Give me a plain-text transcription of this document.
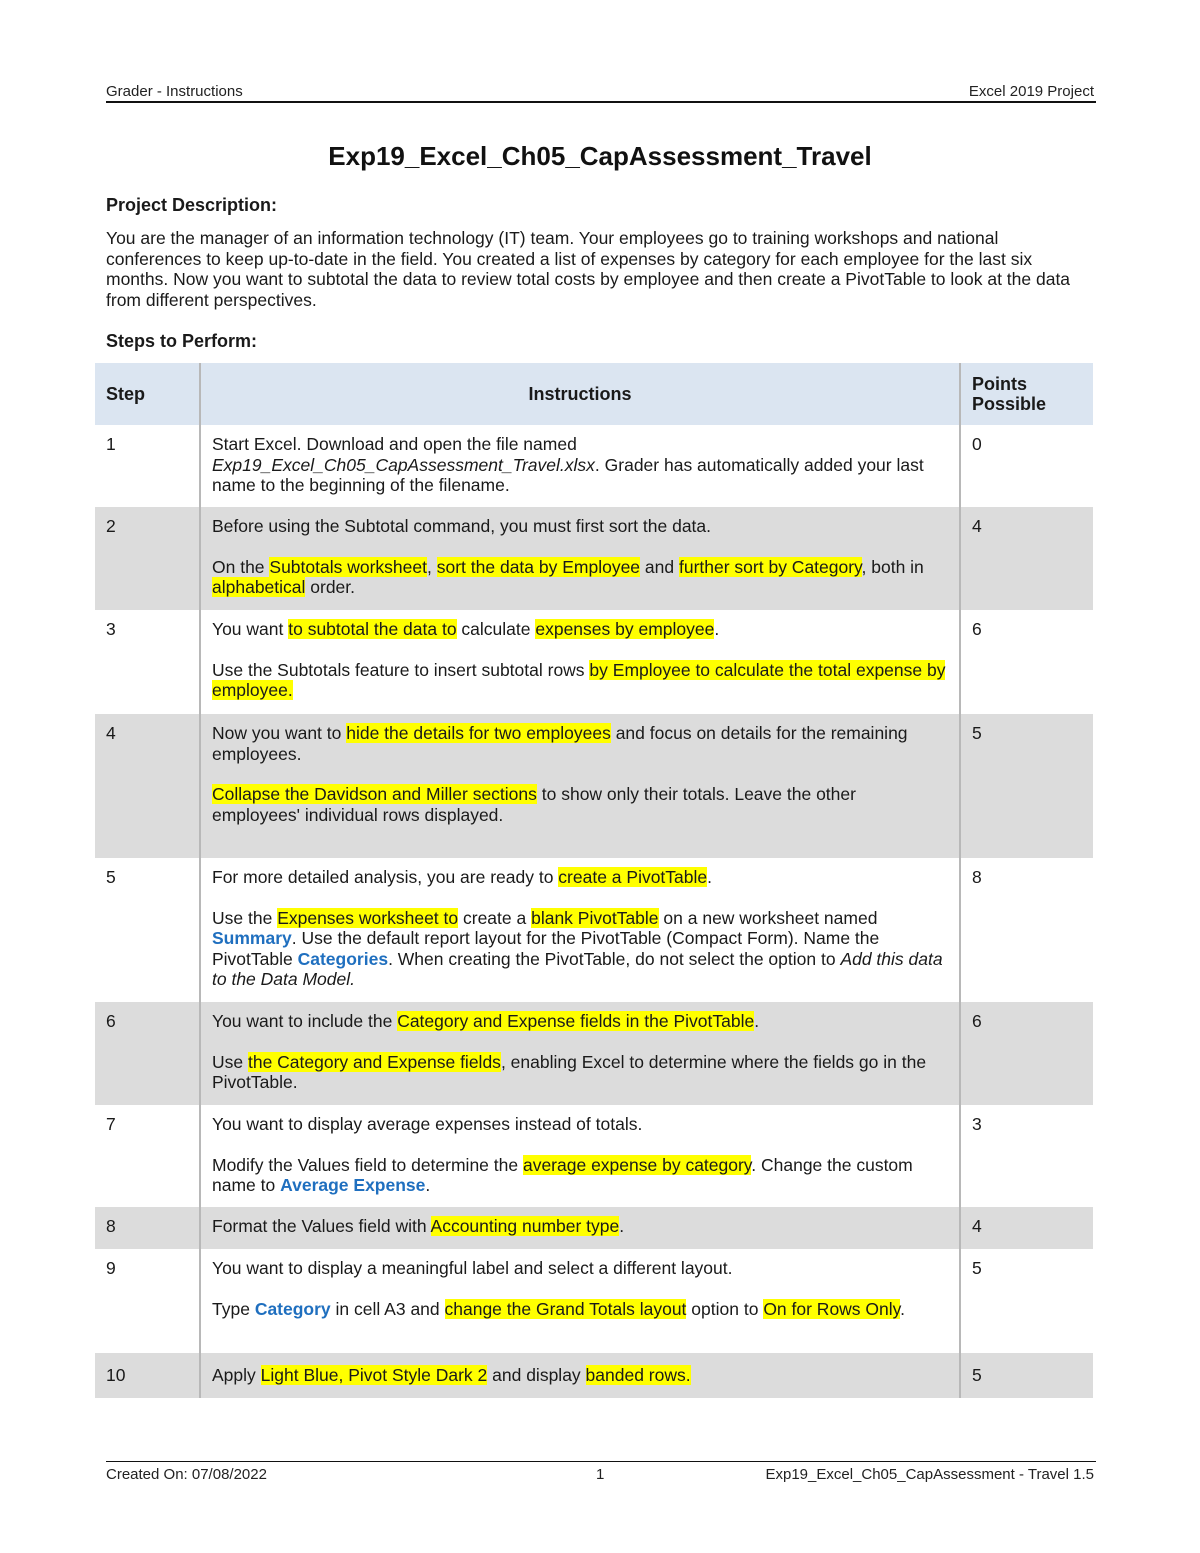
Grader - Instructions	Excel 2019 Project
Exp19_Excel_Ch05_CapAssessment_Travel
Project Description:
You are the manager of an information technology (IT) team. Your employees go to training workshops and national conferences to keep up-to-date in the field. You created a list of expenses by category for each employee for the last six months. Now you want to subtotal the data to review total costs by employee and then create a PivotTable to look at the data from different perspectives.
Steps to Perform:
Step	Instructions	Points Possible
1	Start Excel. Download and open the file named Exp19_Excel_Ch05_CapAssessment_Travel.xlsx. Grader has automatically added your last name to the beginning of the filename.	0
2	Before using the Subtotal command, you must first sort the data.

On the Subtotals worksheet, sort the data by Employee and further sort by Category, both in alphabetical order.	4
3	You want to subtotal the data to calculate expenses by employee.

Use the Subtotals feature to insert subtotal rows by Employee to calculate the total expense by employee.	6
4	Now you want to hide the details for two employees and focus on details for the remaining employees.

Collapse the Davidson and Miller sections to show only their totals. Leave the other employees' individual rows displayed.	5
5	For more detailed analysis, you are ready to create a PivotTable.

Use the Expenses worksheet to create a blank PivotTable on a new worksheet named Summary. Use the default report layout for the PivotTable (Compact Form). Name the PivotTable Categories. When creating the PivotTable, do not select the option to Add this data to the Data Model.	8
6	You want to include the Category and Expense fields in the PivotTable.

Use the Category and Expense fields, enabling Excel to determine where the fields go in the PivotTable.	6
7	You want to display average expenses instead of totals.

Modify the Values field to determine the average expense by category. Change the custom name to Average Expense.	3
8	Format the Values field with Accounting number type.	4
9	You want to display a meaningful label and select a different layout.

Type Category in cell A3 and change the Grand Totals layout option to On for Rows Only.	5
10	Apply Light Blue, Pivot Style Dark 2 and display banded rows.	5
Created On: 07/08/2022	1	Exp19_Excel_Ch05_CapAssessment - Travel 1.5
